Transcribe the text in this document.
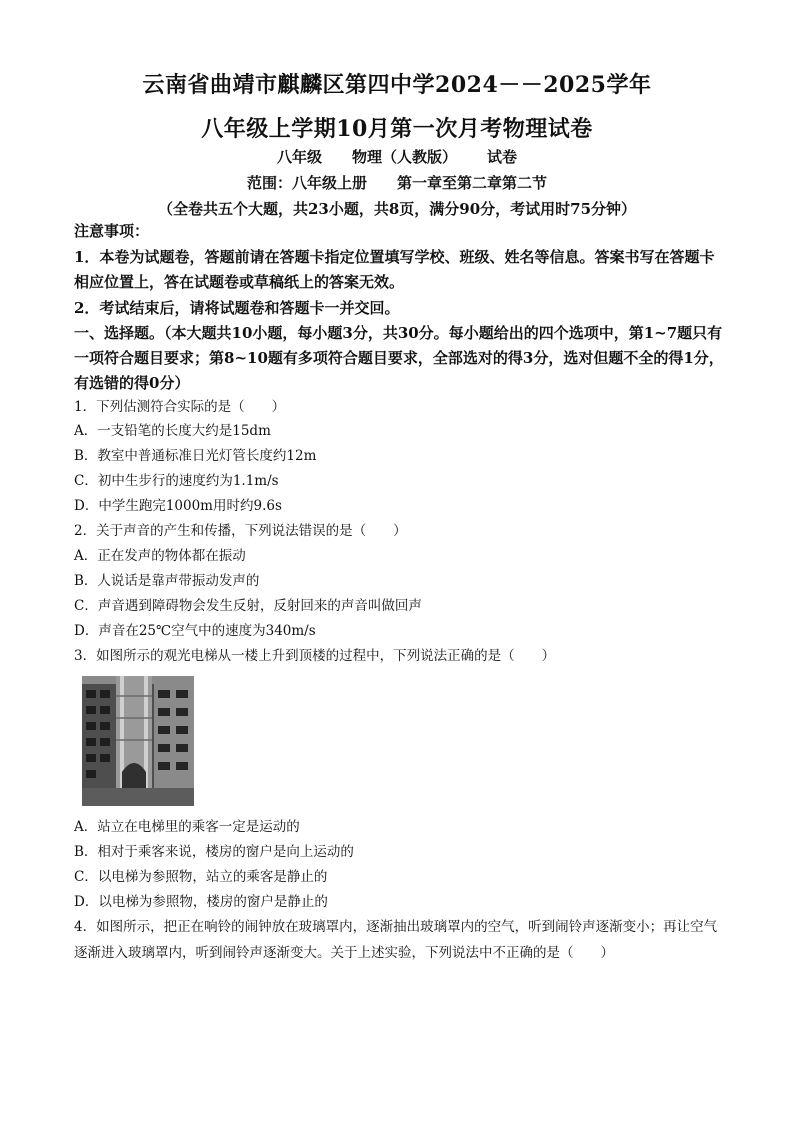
云南省曲靖市麒麟区第四中学2024－－2025学年
八年级上学期10月第一次月考物理试卷
八年级 物理（人教版） 试卷
范围：八年级上册 第一章至第二章第二节
（全卷共五个大题，共23小题，共8页，满分90分，考试用时75分钟）
注意事项：
1．本卷为试题卷，答题前请在答题卡指定位置填写学校、班级、姓名等信息。答案书写在答题卡相应位置上，答在试题卷或草稿纸上的答案无效。
2．考试结束后，请将试题卷和答题卡一并交回。
一、选择题。（本大题共10小题，每小题3分，共30分。每小题给出的四个选项中，第1~7题只有一项符合题目要求；第8~10题有多项符合题目要求，全部选对的得3分，选对但题不全的得1分，有选错的得0分）
1．下列估测符合实际的是（　　）
A．一支铅笔的长度大约是15dm
B．教室中普通标准日光灯管长度约12m
C．初中生步行的速度约为1.1m/s
D．中学生跑完1000m用时约9.6s
2．关于声音的产生和传播，下列说法错误的是（　　）
A．正在发声的物体都在振动
B．人说话是靠声带振动发声的
C．声音遇到障碍物会发生反射，反射回来的声音叫做回声
D．声音在25℃空气中的速度为340m/s
3．如图所示的观光电梯从一楼上升到顶楼的过程中，下列说法正确的是（　　）
A．站立在电梯里的乘客一定是运动的
B．相对于乘客来说，楼房的窗户是向上运动的
C．以电梯为参照物，站立的乘客是静止的
D．以电梯为参照物，楼房的窗户是静止的
4．如图所示，把正在响铃的闹钟放在玻璃罩内，逐渐抽出玻璃罩内的空气，听到闹铃声逐渐变小；再让空气逐渐进入玻璃罩内，听到闹铃声逐渐变大。关于上述实验，下列说法中不正确的是（　　）
